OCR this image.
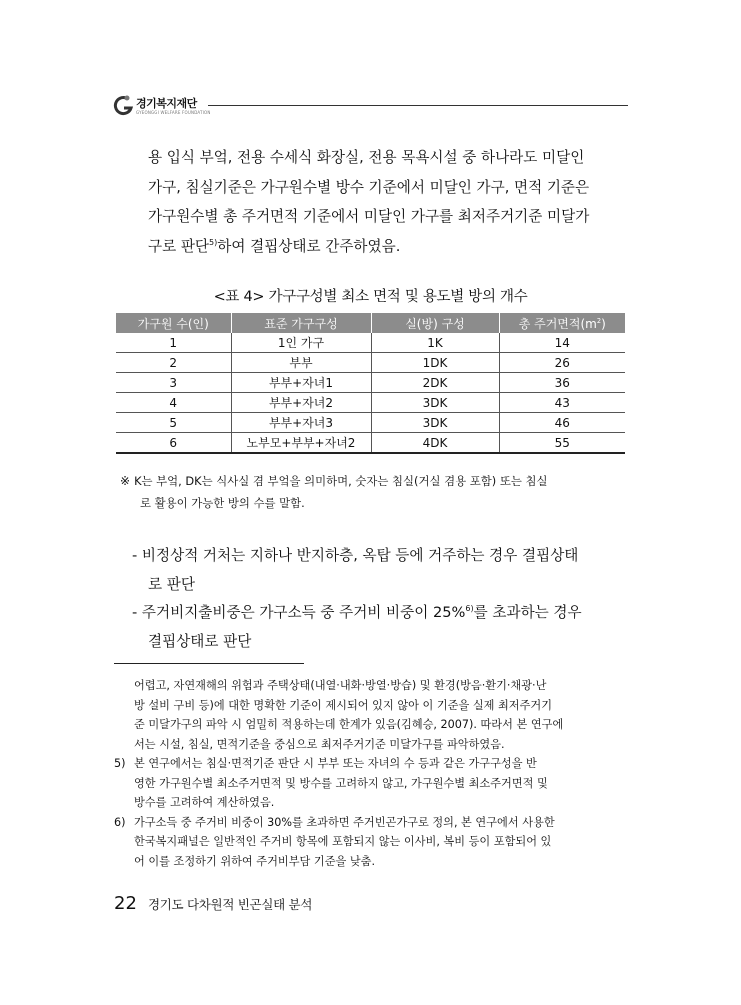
경기복지재단
GYEONGGI WELFARE FOUNDATION
용 입식 부엌, 전용 수세식 화장실, 전용 목욕시설 중 하나라도 미달인
가구, 침실기준은 가구원수별 방수 기준에서 미달인 가구, 면적 기준은
가구원수별 총 주거면적 기준에서 미달인 가구를 최저주거기준 미달가
구로 판단$^{5)}$하여 결핍상태로 간주하였음.
<표 4> 가구구성별 최소 면적 및 용도별 방의 개수
가구원 수(인)	표준 가구구성	실(방) 구성	총 주거면적$(m^2)$
1	1인 가구	1K	14
2	부부	1DK	26
3	부부+자녀1	2DK	36
4	부부+자녀2	3DK	43
5	부부+자녀3	3DK	46
6	노부모+부부+자녀2	4DK	55
※ K는 부엌, DK는 식사실 겸 부엌을 의미하며, 숫자는 침실(거실 겸용 포함) 또는 침실
로 활용이 가능한 방의 수를 말함.
- 비정상적 거처는 지하나 반지하층, 옥탑 등에 거주하는 경우 결핍상태
로 판단
- 주거비지출비중은 가구소득 중 주거비 비중이 25%$^{6)}$를 초과하는 경우
결핍상태로 판단
어렵고, 자연재해의 위험과 주택상태(내열·내화·방열·방습) 및 환경(방음·환기·채광·난
방 설비 구비 등)에 대한 명확한 기준이 제시되어 있지 않아 이 기준을 실제 최저주거기
준 미달가구의 파악 시 엄밀히 적용하는데 한계가 있음(김혜승, 2007). 따라서 본 연구에
서는 시설, 침실, 면적기준을 중심으로 최저주거기준 미달가구를 파악하였음.
5) 본 연구에서는 침실·면적기준 판단 시 부부 또는 자녀의 수 등과 같은 가구구성을 반
영한 가구원수별 최소주거면적 및 방수를 고려하지 않고, 가구원수별 최소주거면적 및
방수를 고려하여 계산하였음.
6) 가구소득 중 주거비 비중이 30%를 초과하면 주거빈곤가구로 정의, 본 연구에서 사용한
한국복지패널은 일반적인 주거비 항목에 포함되지 않는 이사비, 복비 등이 포함되어 있
어 이를 조정하기 위하여 주거비부담 기준을 낮춤.
22 경기도 다차원적 빈곤실태 분석
